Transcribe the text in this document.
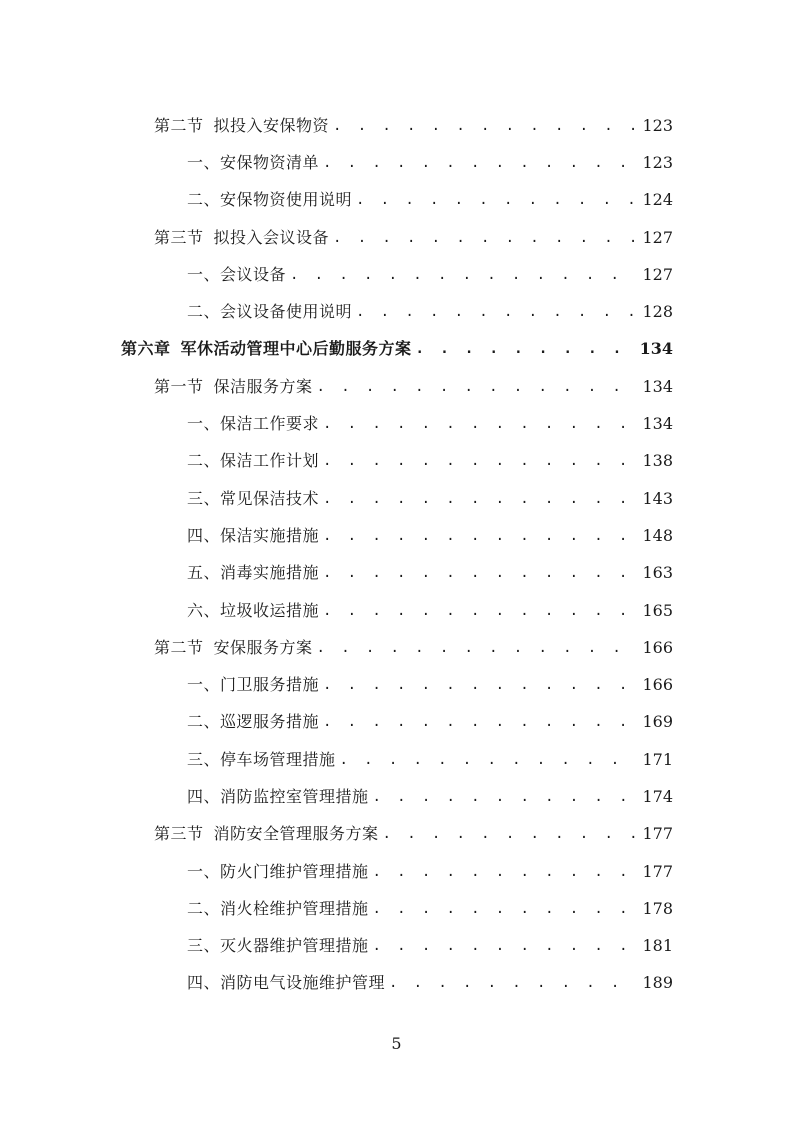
第二节 拟投入安保物资 . . .	123
一、安保物资清单 . . .	123
二、安保物资使用说明 . . .	124
第三节 拟投入会议设备 . . .	127
一、会议设备 . . .	127
二、会议设备使用说明 . . .	128
第六章 军休活动管理中心后勤服务方案 . . .	134
第一节 保洁服务方案 . . .	134
一、保洁工作要求 . . .	134
二、保洁工作计划 . . .	138
三、常见保洁技术 . . .	143
四、保洁实施措施 . . .	148
五、消毒实施措施 . . .	163
六、垃圾收运措施 . . .	165
第二节 安保服务方案 . . .	166
一、门卫服务措施 . . .	166
二、巡逻服务措施 . . .	169
三、停车场管理措施 . . .	171
四、消防监控室管理措施 . . .	174
第三节 消防安全管理服务方案 . . .	177
一、防火门维护管理措施 . . .	177
二、消火栓维护管理措施 . . .	178
三、灭火器维护管理措施 . . .	181
四、消防电气设施维护管理 . . .	189
5
